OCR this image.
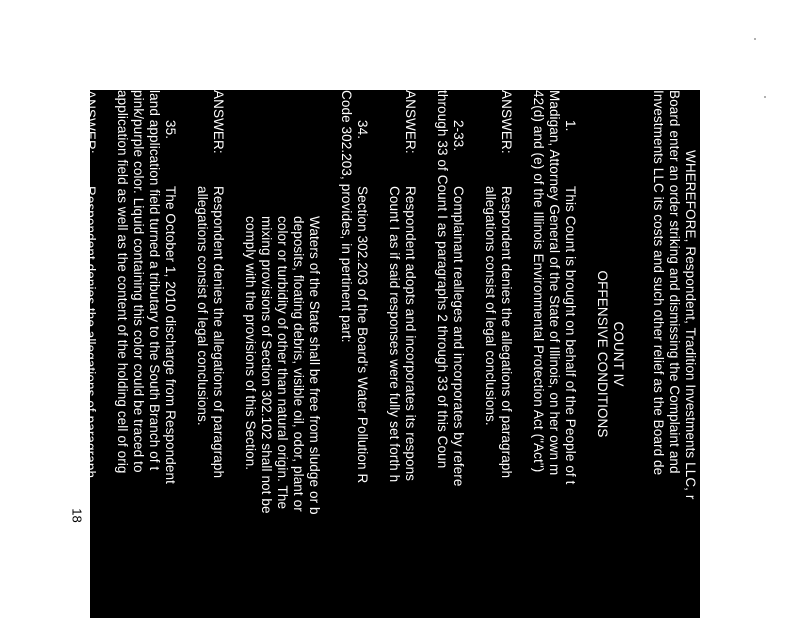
WHEREFORE, Respondent, Tradition Investments LLC, r
Board enter an order striking and dismissing the Complaint and
Investments LLC its costs and such other relief as the Board de
COUNT IV
OFFENSIVE CONDITIONS
1.
This Count is brought on behalf of the People of t
Madigan, Attorney General of the State of Illinois, on her own m
42(d) and (e) of the Illinois Environmental Protection Act ("Act")
ANSWER:
Respondent denies the allegations of paragraph
allegations consist of legal conclusions.
2-33.
Complainant realleges and incorporates by refere
through 33 of Count I as paragraphs 2 through 33 of this Coun
ANSWER:
Respondent adopts and incorporates its respons
Count I as if said responses were fully set forth h
34.
Section 302.203 of the Board's Water Pollution R
Code 302.203, provides, in pertinent part:
Waters of the State shall be free from sludge or b
deposits, floating debris, visible oil, odor, plant or
color or turbidity of other than natural origin. The
mixing provisions of Section 302.102 shall not be
comply with the provisions of this Section.
ANSWER:
Respondent denies the allegations of paragraph
allegations consist of legal conclusions.
35.
The October 1, 2010 discharge from Respondent
land application field turned a tributary to the South Branch of t
pink/purple color. Liquid containing this color could be traced to
application field as well as the content of the holding cell of orig
ANSWER:
Respondent denies the allegations of paragraph
thereof.
18
